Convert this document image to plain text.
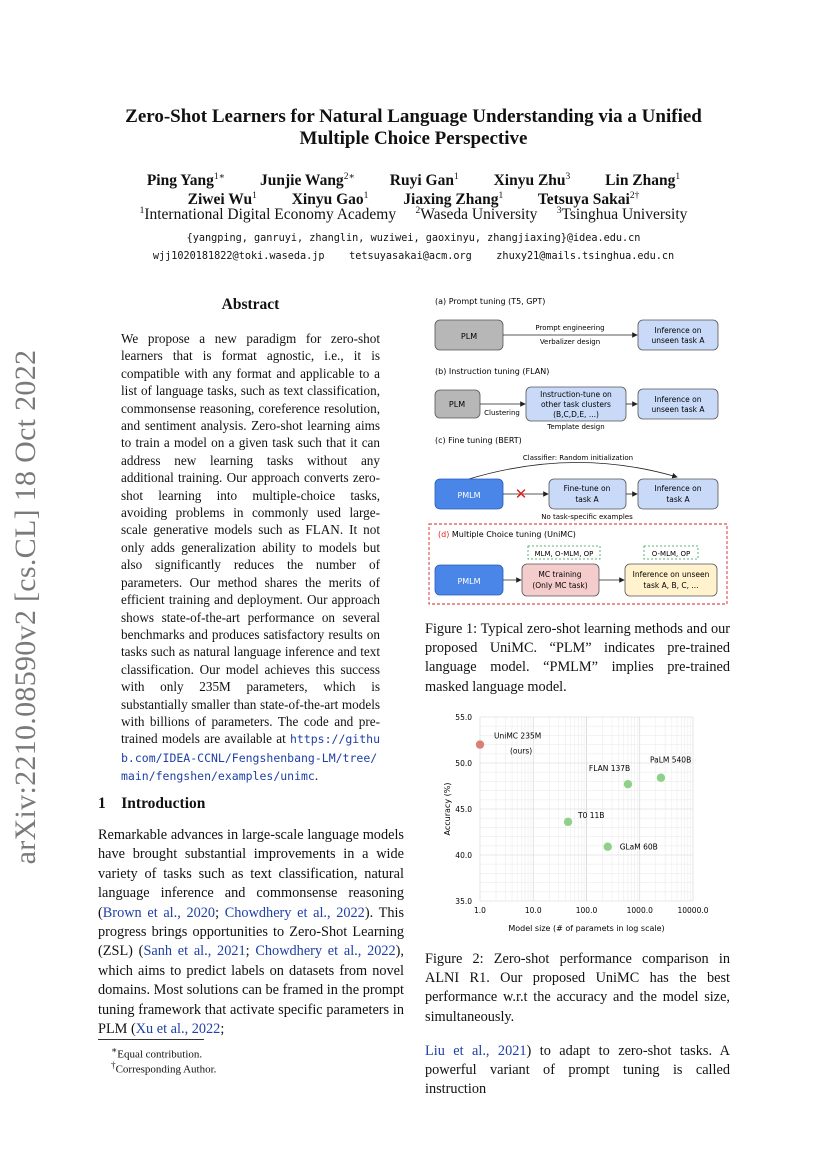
arXiv:2210.08590v2 [cs.CL] 18 Oct 2022
Zero-Shot Learners for Natural Language Understanding via a Unified
Multiple Choice Perspective
Ping Yang$^{1∗}$   Junjie Wang$^{2∗}$   Ruyi Gan$^1$   Xinyu Zhu$^3$   Lin Zhang$^1$
Ziwei Wu$^1$   Xinyu Gao$^1$   Jiaxing Zhang$^1$   Tetsuya Sakai$^{2\dagger}$
$^1$International Digital Economy Academy  $^2$Waseda University  $^3$Tsinghua University
{yangping, ganruyi, zhanglin, wuziwei, gaoxinyu, zhangjiaxing}@idea.edu.cn
wjj1020181822@toki.waseda.jp    tetsuyasakai@acm.org    zhuxy21@mails.tsinghua.edu.cn
Abstract
We propose a new paradigm for zero-shot learners that is format agnostic, i.e., it is compatible with any format and applicable to a list of language tasks, such as text classification, commonsense reasoning, coreference resolution, and sentiment analysis. Zero-shot learning aims to train a model on a given task such that it can address new learning tasks without any additional training. Our approach converts zero-shot learning into multiple-choice tasks, avoiding problems in commonly used large-scale generative models such as FLAN. It not only adds generalization ability to models but also significantly reduces the number of parameters. Our method shares the merits of efficient training and deployment. Our approach shows state-of-the-art performance on several benchmarks and produces satisfactory results on tasks such as natural language inference and text classification. Our model achieves this success with only 235M parameters, which is substantially smaller than state-of-the-art models with billions of parameters. The code and pre-trained models are available at https://github.com/IDEA-CCNL/Fengshenbang-LM/tree/main/fengshen/examples/unimc.
1  Introduction
Remarkable advances in large-scale language models have brought substantial improvements in a wide variety of tasks such as text classification, natural language inference and commonsense reasoning (Brown et al., 2020; Chowdhery et al., 2022). This progress brings opportunities to Zero-Shot Learning (ZSL) (Sanh et al., 2021; Chowdhery et al., 2022), which aims to predict labels on datasets from novel domains. Most solutions can be framed in the prompt tuning framework that activate specific parameters in PLM (Xu et al., 2022;
∗Equal contribution.
†Corresponding Author.
(a) Prompt tuning (T5, GPT)
PLM
Prompt engineering
Verbalizer design
Inference on
unseen task A
(b) Instruction tuning (FLAN)
PLM
Clustering
Instruction-tune on
other task clusters
(B,C,D,E, ...)
Template design
Inference on
unseen task A
(c) Fine tuning (BERT)
Classifier: Random initialization
PMLM ✕	Fine-tune on
task A
Inference on
task A
No task-specific examples
(d) Multiple Choice tuning (UniMC)
MLM, O-MLM, OP	O-MLM, OP
PMLM
MC training
(Only MC task)
Inference on unseen
task A, B, C, ...
Figure 1: Typical zero-shot learning methods and our proposed UniMC. “PLM” indicates pre-trained language model. “PMLM” implies pre-trained masked language model.
35.0
40.0
45.0
50.0
55.0
1.0	10.0	100.0	1000.0	10000.0
UniMC 235M
(ours)
FLAN 137B
PaLM 540B
T0 11B
GLaM 60B
Model size (# of paramets in log scale)
Accuracy (%)
Figure 2: Zero-shot performance comparison in ALNI R1. Our proposed UniMC has the best performance w.r.t the accuracy and the model size, simultaneously.
Liu et al., 2021) to adapt to zero-shot tasks. A powerful variant of prompt tuning is called instruction
